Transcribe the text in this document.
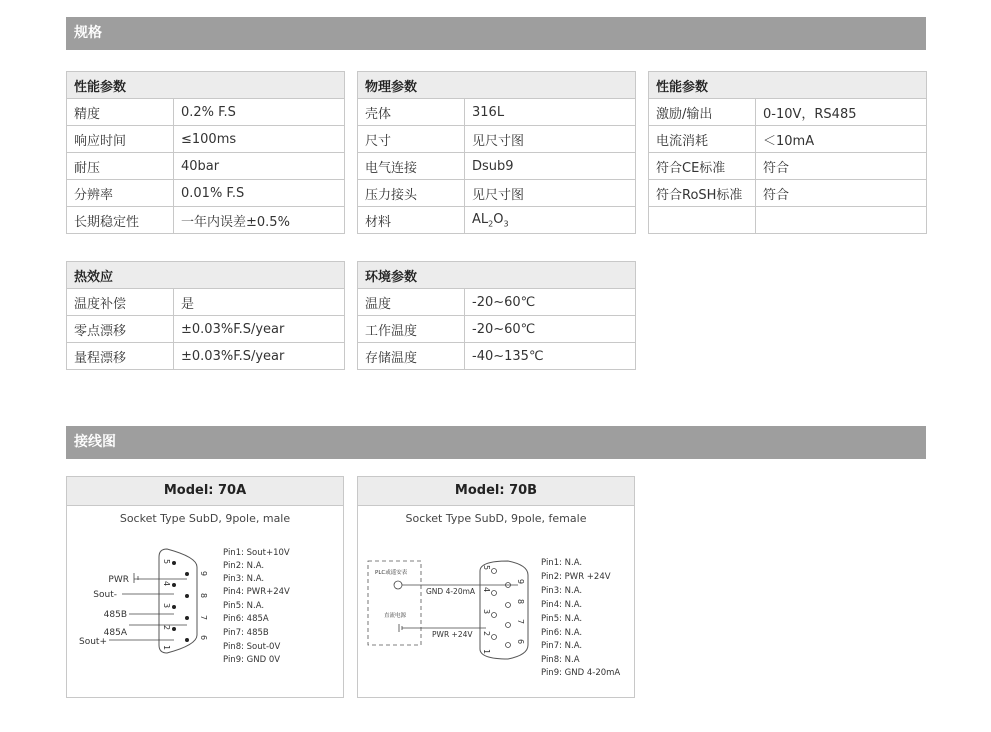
规格
性能参数	
精度	0.2% F.S
响应时间	≤100ms
耐压	40bar
分辨率	0.01% F.S
长期稳定性	一年内误差±0.5%
物理参数	
壳体	316L
尺寸	见尺寸图
电气连接	Dsub9
压力接头	见尺寸图
材料	$AL_2O_3$
性能参数	
激励/输出	0-10V，RS485
电流消耗	＜10mA
符合CE标准	符合
符合RoSH标准	符合

热效应	
温度补偿	是
零点漂移	±0.03%F.S/year
量程漂移	±0.03%F.S/year
环境参数	
温度	-20~60℃
工作温度	-20~60℃
存储温度	-40~135℃
接线图
Model: 70A
Socket Type SubD, 9pole, male
5
4
3
2
1
9
8
7
6
PWR
Sout-
485B
485A
Sout+
Pin1: Sout+10V
Pin2: N.A.
Pin3: N.A.
Pin4: PWR+24V
Pin5: N.A.
Pin6: 485A
Pin7: 485B
Pin8: Sout-0V
Pin9: GND 0V
Model: 70B
Socket Type SubD, 9pole, female
PLC或遥安表
直流电源
GND 4-20mA
PWR +24V
5
4
3
2
1
9
8
7
6
Pin1: N.A.
Pin2: PWR +24V
Pin3: N.A.
Pin4: N.A.
Pin5: N.A.
Pin6: N.A.
Pin7: N.A.
Pin8: N.A
Pin9: GND 4-20mA
